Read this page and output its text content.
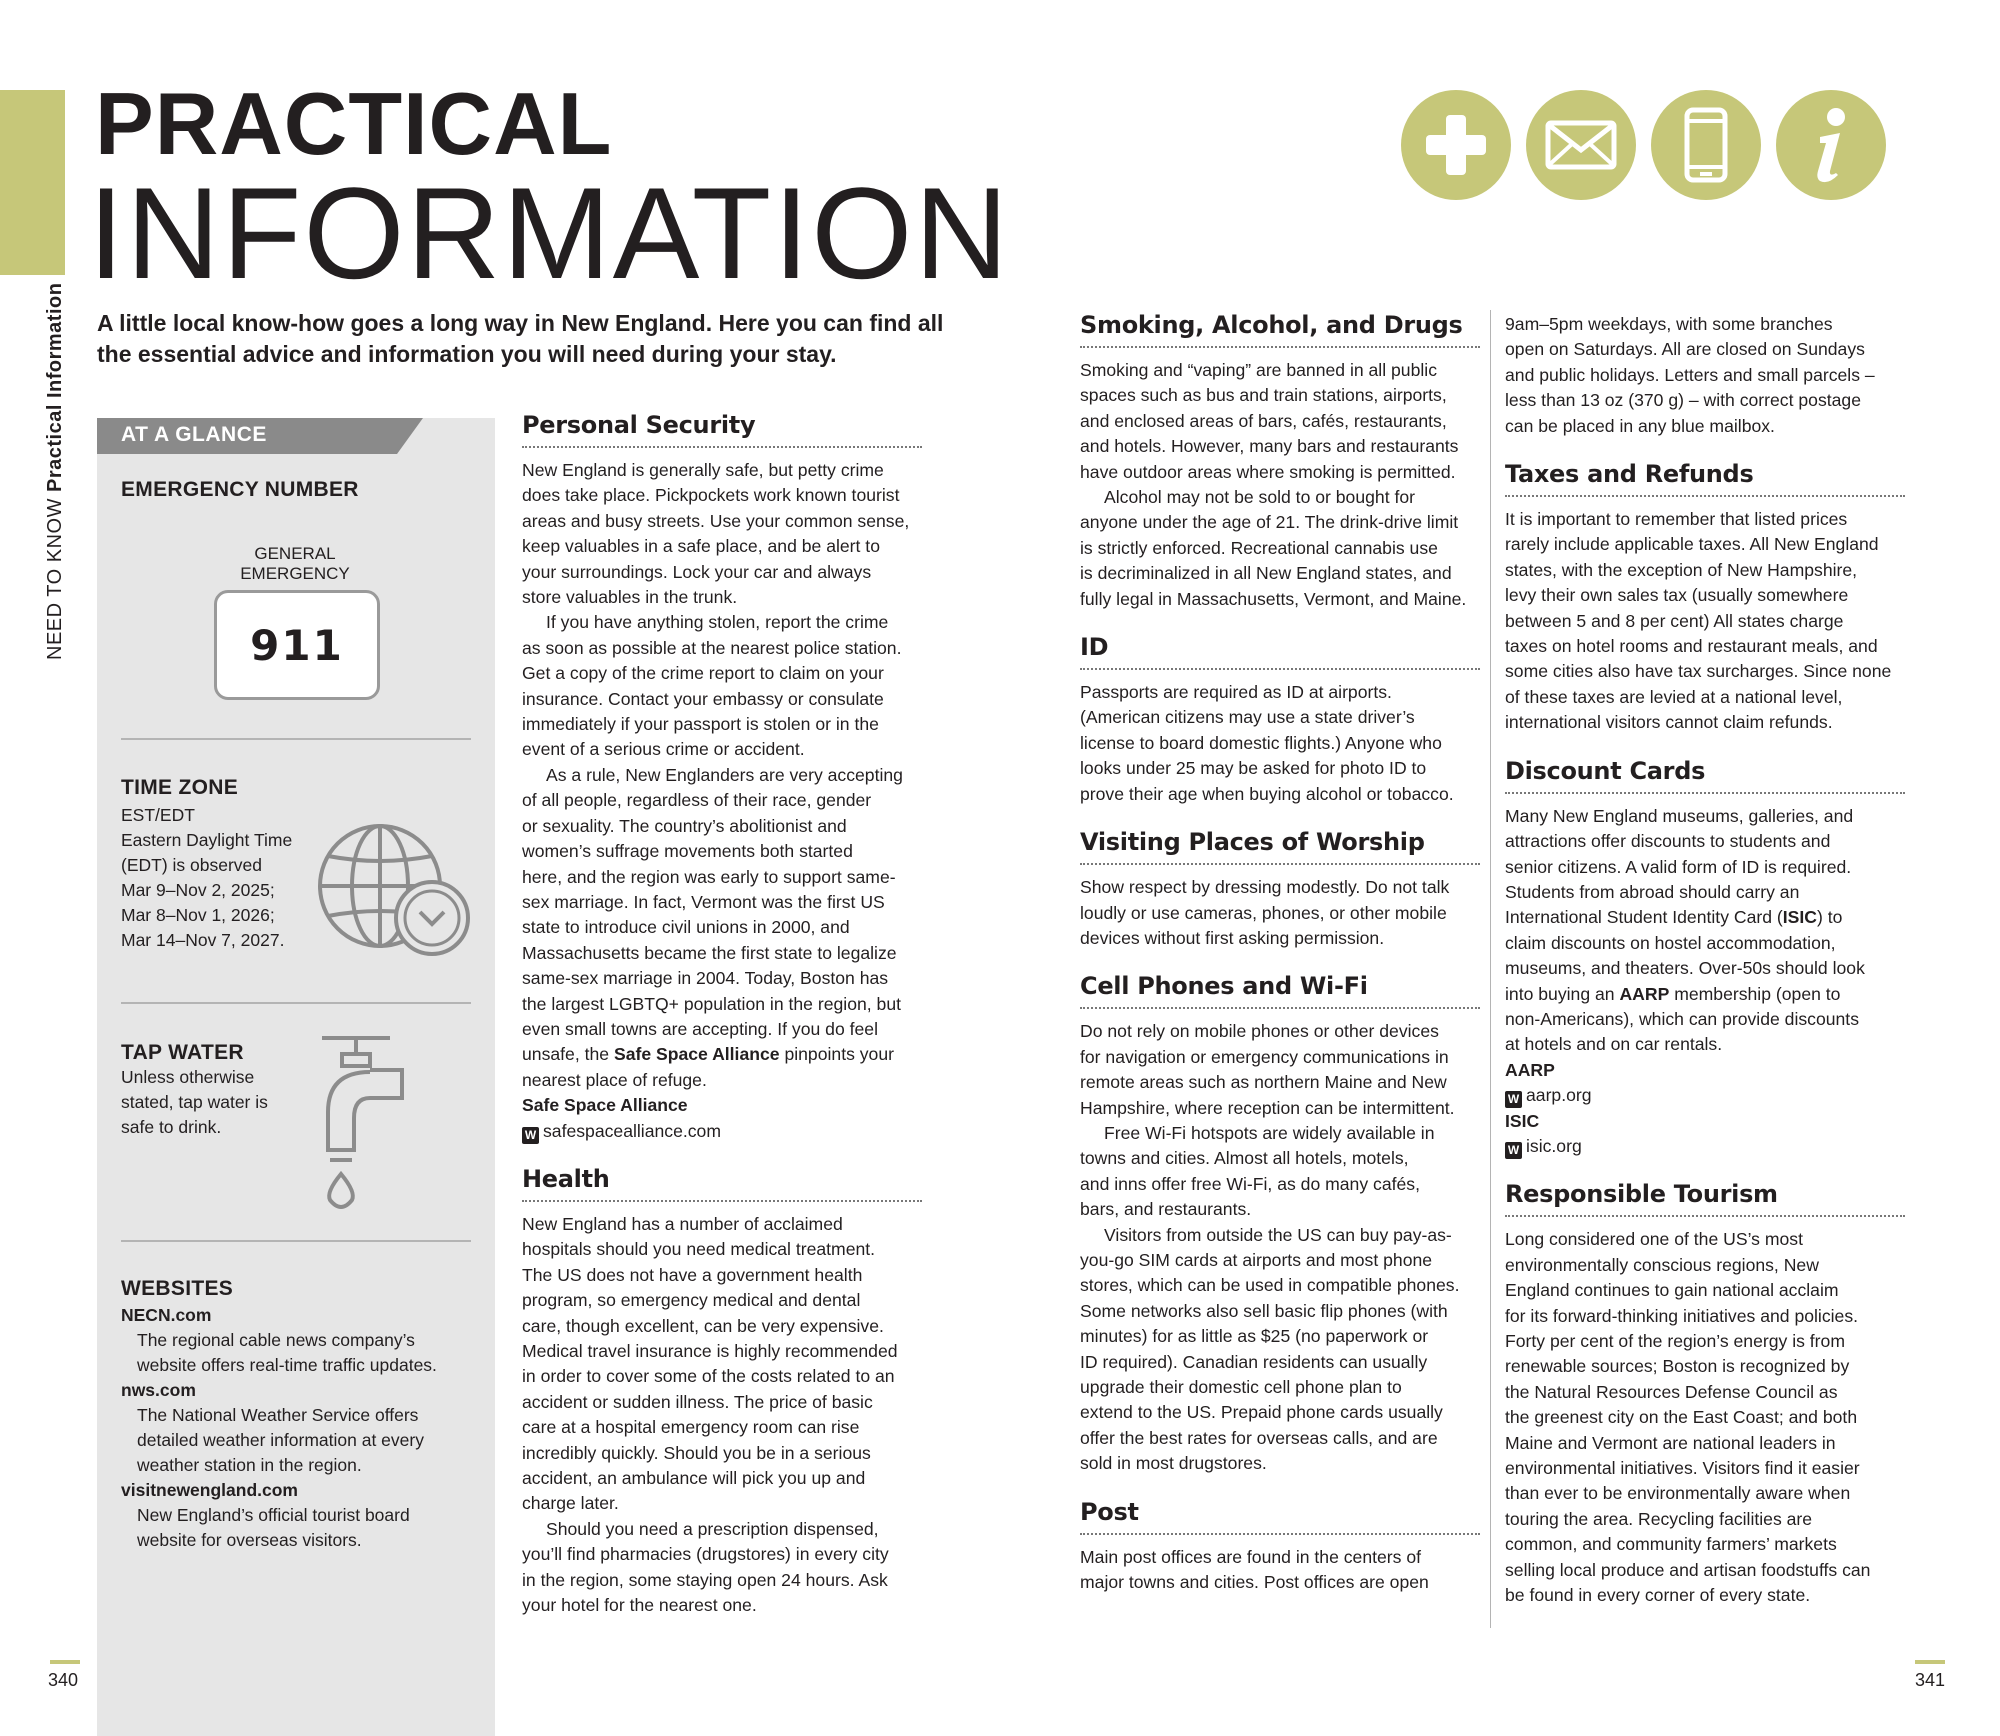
NEED TO KNOW Practical Information
PRACTICAL
INFORMATION
A little local know-how goes a long way in New England. Here you can find all the essential advice and information you will need during your stay.
AT A GLANCE
EMERGENCY NUMBER
GENERAL
EMERGENCY
911
TIME ZONE
EST/EDT
Eastern Daylight Time
(EDT) is observed
Mar 9–Nov 2, 2025;
Mar 8–Nov 1, 2026;
Mar 14–Nov 7, 2027.
TAP WATER
Unless otherwise
stated, tap water is
safe to drink.
WEBSITES
NECN.com
The regional cable news company’s
website offers real-time traffic updates.
nws.com
The National Weather Service offers
detailed weather information at every
weather station in the region.
visitnewengland.com
New England’s official tourist board
website for overseas visitors.
Personal Security

New England is generally safe, but petty crime
does take place. Pickpockets work known tourist
areas and busy streets. Use your common sense,
keep valuables in a safe place, and be alert to
your surroundings. Lock your car and always
store valuables in the trunk.

If you have anything stolen, report the crime
as soon as possible at the nearest police station.
Get a copy of the crime report to claim on your
insurance. Contact your embassy or consulate
immediately if your passport is stolen or in the
event of a serious crime or accident.

As a rule, New Englanders are very accepting
of all people, regardless of their race, gender
or sexuality. The country’s abolitionist and
women’s suffrage movements both started
here, and the region was early to support same-
sex marriage. In fact, Vermont was the first US
state to introduce civil unions in 2000, and
Massachusetts became the first state to legalize
same-sex marriage in 2004. Today, Boston has
the largest LGBTQ+ population in the region, but
even small towns are accepting. If you do feel
unsafe, the Safe Space Alliance pinpoints your
nearest place of refuge.

Safe Space Alliance

W safespacealliance.com

Health

New England has a number of acclaimed
hospitals should you need medical treatment.
The US does not have a government health
program, so emergency medical and dental
care, though excellent, can be very expensive.
Medical travel insurance is highly recommended
in order to cover some of the costs related to an
accident or sudden illness. The price of basic
care at a hospital emergency room can rise
incredibly quickly. Should you be in a serious
accident, an ambulance will pick you up and
charge later.

Should you need a prescription dispensed,
you’ll find pharmacies (drugstores) in every city
in the region, some staying open 24 hours. Ask
your hotel for the nearest one.

Smoking, Alcohol, and Drugs

Smoking and “vaping” are banned in all public
spaces such as bus and train stations, airports,
and enclosed areas of bars, cafés, restaurants,
and hotels. However, many bars and restaurants
have outdoor areas where smoking is permitted.

Alcohol may not be sold to or bought for
anyone under the age of 21. The drink-drive limit
is strictly enforced. Recreational cannabis use
is decriminalized in all New England states, and
fully legal in Massachusetts, Vermont, and Maine.

ID

Passports are required as ID at airports.
(American citizens may use a state driver’s
license to board domestic flights.) Anyone who
looks under 25 may be asked for photo ID to
prove their age when buying alcohol or tobacco.

Visiting Places of Worship

Show respect by dressing modestly. Do not talk
loudly or use cameras, phones, or other mobile
devices without first asking permission.

Cell Phones and Wi-Fi

Do not rely on mobile phones or other devices
for navigation or emergency communications in
remote areas such as northern Maine and New
Hampshire, where reception can be intermittent.

Free Wi-Fi hotspots are widely available in
towns and cities. Almost all hotels, motels,
and inns offer free Wi-Fi, as do many cafés,
bars, and restaurants.

Visitors from outside the US can buy pay-as-
you-go SIM cards at airports and most phone
stores, which can be used in compatible phones.
Some networks also sell basic flip phones (with
minutes) for as little as $25 (no paperwork or
ID required). Canadian residents can usually
upgrade their domestic cell phone plan to
extend to the US. Prepaid phone cards usually
offer the best rates for overseas calls, and are
sold in most drugstores.

Post

Main post offices are found in the centers of
major towns and cities. Post offices are open

9am–5pm weekdays, with some branches
open on Saturdays. All are closed on Sundays
and public holidays. Letters and small parcels –
less than 13 oz (370 g) – with correct postage
can be placed in any blue mailbox.

Taxes and Refunds

It is important to remember that listed prices
rarely include applicable taxes. All New England
states, with the exception of New Hampshire,
levy their own sales tax (usually somewhere
between 5 and 8 per cent) All states charge
taxes on hotel rooms and restaurant meals, and
some cities also have tax surcharges. Since none
of these taxes are levied at a national level,
international visitors cannot claim refunds.

Discount Cards

Many New England museums, galleries, and
attractions offer discounts to students and
senior citizens. A valid form of ID is required.
Students from abroad should carry an
International Student Identity Card (ISIC) to
claim discounts on hostel accommodation,
museums, and theaters. Over-50s should look
into buying an AARP membership (open to
non-Americans), which can provide discounts
at hotels and on car rentals.

AARP

W aarp.org

ISIC

W isic.org

Responsible Tourism

Long considered one of the US’s most
environmentally conscious regions, New
England continues to gain national acclaim
for its forward-thinking initiatives and policies.
Forty per cent of the region’s energy is from
renewable sources; Boston is recognized by
the Natural Resources Defense Council as
the greenest city on the East Coast; and both
Maine and Vermont are national leaders in
environmental initiatives. Visitors find it easier
than ever to be environmentally aware when
touring the area. Recycling facilities are
common, and community farmers’ markets
selling local produce and artisan foodstuffs can
be found in every corner of every state.

340	341
